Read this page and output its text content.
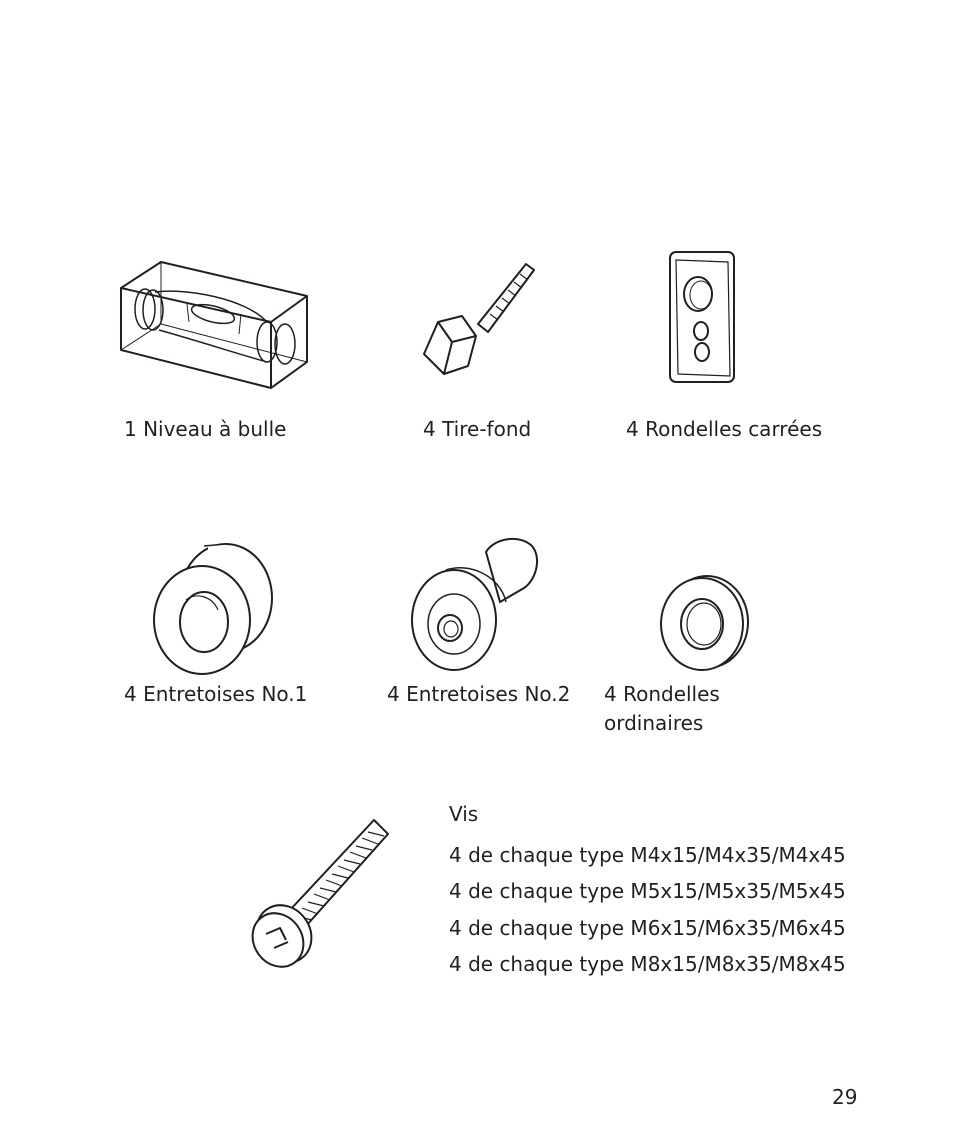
1 Niveau à bulle	4 Tire-fond	4 Rondelles carrées
4 Entretoises No.1	4 Entretoises No.2 4 Rondelles
ordinaires
Vis
4 de chaque type M4x15/M4x35/M4x45
4 de chaque type M5x15/M5x35/M5x45
4 de chaque type M6x15/M6x35/M6x45
4 de chaque type M8x15/M8x35/M8x45
29
